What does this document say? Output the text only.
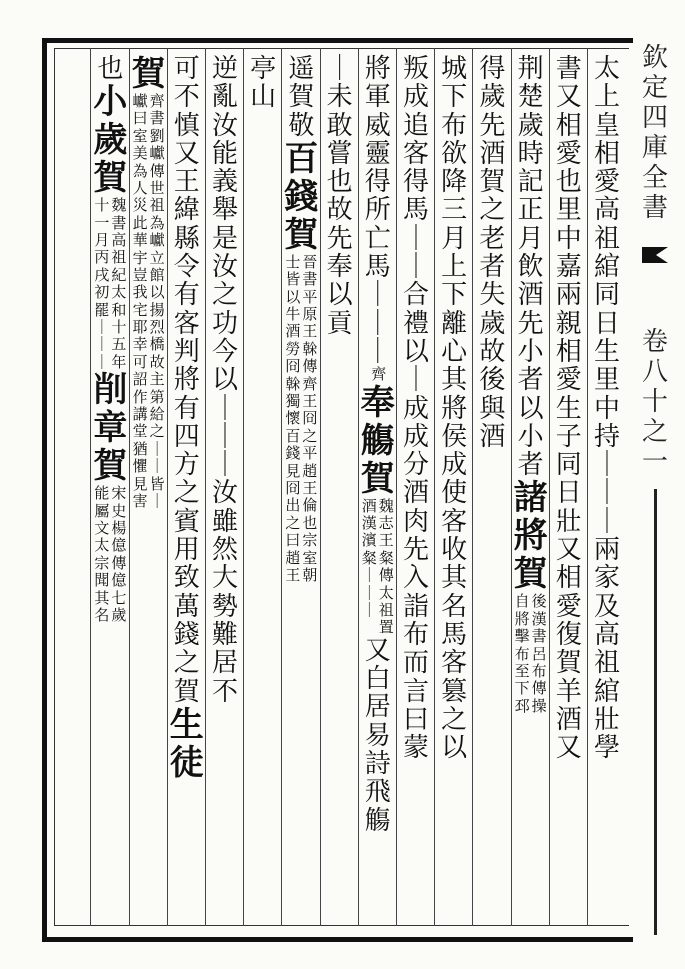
太
上
皇
相
愛
高
祖
綰
同
日
生
里
中
持
｜
｜
｜
兩
家
及
高
祖
綰
壯
學
書
又
相
愛
也
里
中
嘉
兩
親
相
愛
生
子
同
日
壯
又
相
愛
復
賀
羊
酒
又
荆
楚
歲
時
記
正
月
飲
酒
先
小
者
以
小
者
諸
將
賀
後
漢
書
呂
布
傳
操
自
將
擊
布
至
下
邳
得
歲
先
酒
賀
之
老
者
失
歲
故
後
與
酒
城
下
布
欲
降
三
月
上
下
離
心
其
將
侯
成
使
客
收
其
名
馬
客
篡
之
以
叛
成
追
客
得
馬
｜
｜
合
禮
以
｜
成
成
分
酒
肉
先
入
詣
布
而
言
曰
蒙
將
軍
威
靈
得
所
亡
馬
｜
｜
｜
齊
奉
觴
賀
魏
志
王
粲
傳
太
祖
置
酒
漢
濱
粲
｜
｜
｜
又
白
居
易
詩
飛
觴
｜
未
敢
嘗
也
故
先
奉
以
貢
遥
賀
敬
百
錢
賀
晉
書
平
原
王
榦
傳
齊
王
冏
之
平
趙
王
倫
也
宗
室
朝
士
皆
以
牛
酒
勞
冏
榦
獨
懷
百
錢
見
冏
出
之
曰
趙
王
亭
山
逆
亂
汝
能
義
舉
是
汝
之
功
今
以
｜
｜
｜
汝
雖
然
大
勢
難
居
不
可
不
慎
又
王
緯
縣
令
有
客
判
將
有
四
方
之
賓
用
致
萬
錢
之
賀
生
徒
賀
齊
書
劉
巘
傳
世
祖
為
巘
立
館
以
揚
烈
橋
故
主
第
給
之
｜
｜
皆
｜
巘
曰
室
美
為
人
災
此
華
宇
豈
我
宅
耶
幸
可
詔
作
講
堂
猶
懼
見
害
也
小
歲
賀
魏
書
高
祖
紀
太
和
十
五
年
十
一
月
丙
戌
初
罷
｜
｜
｜
削
章
賀
宋
史
楊
億
傳
億
七
歲
能
屬
文
太
宗
聞
其
名
欽
定
四
庫
全
書
卷
八
十
之
一
